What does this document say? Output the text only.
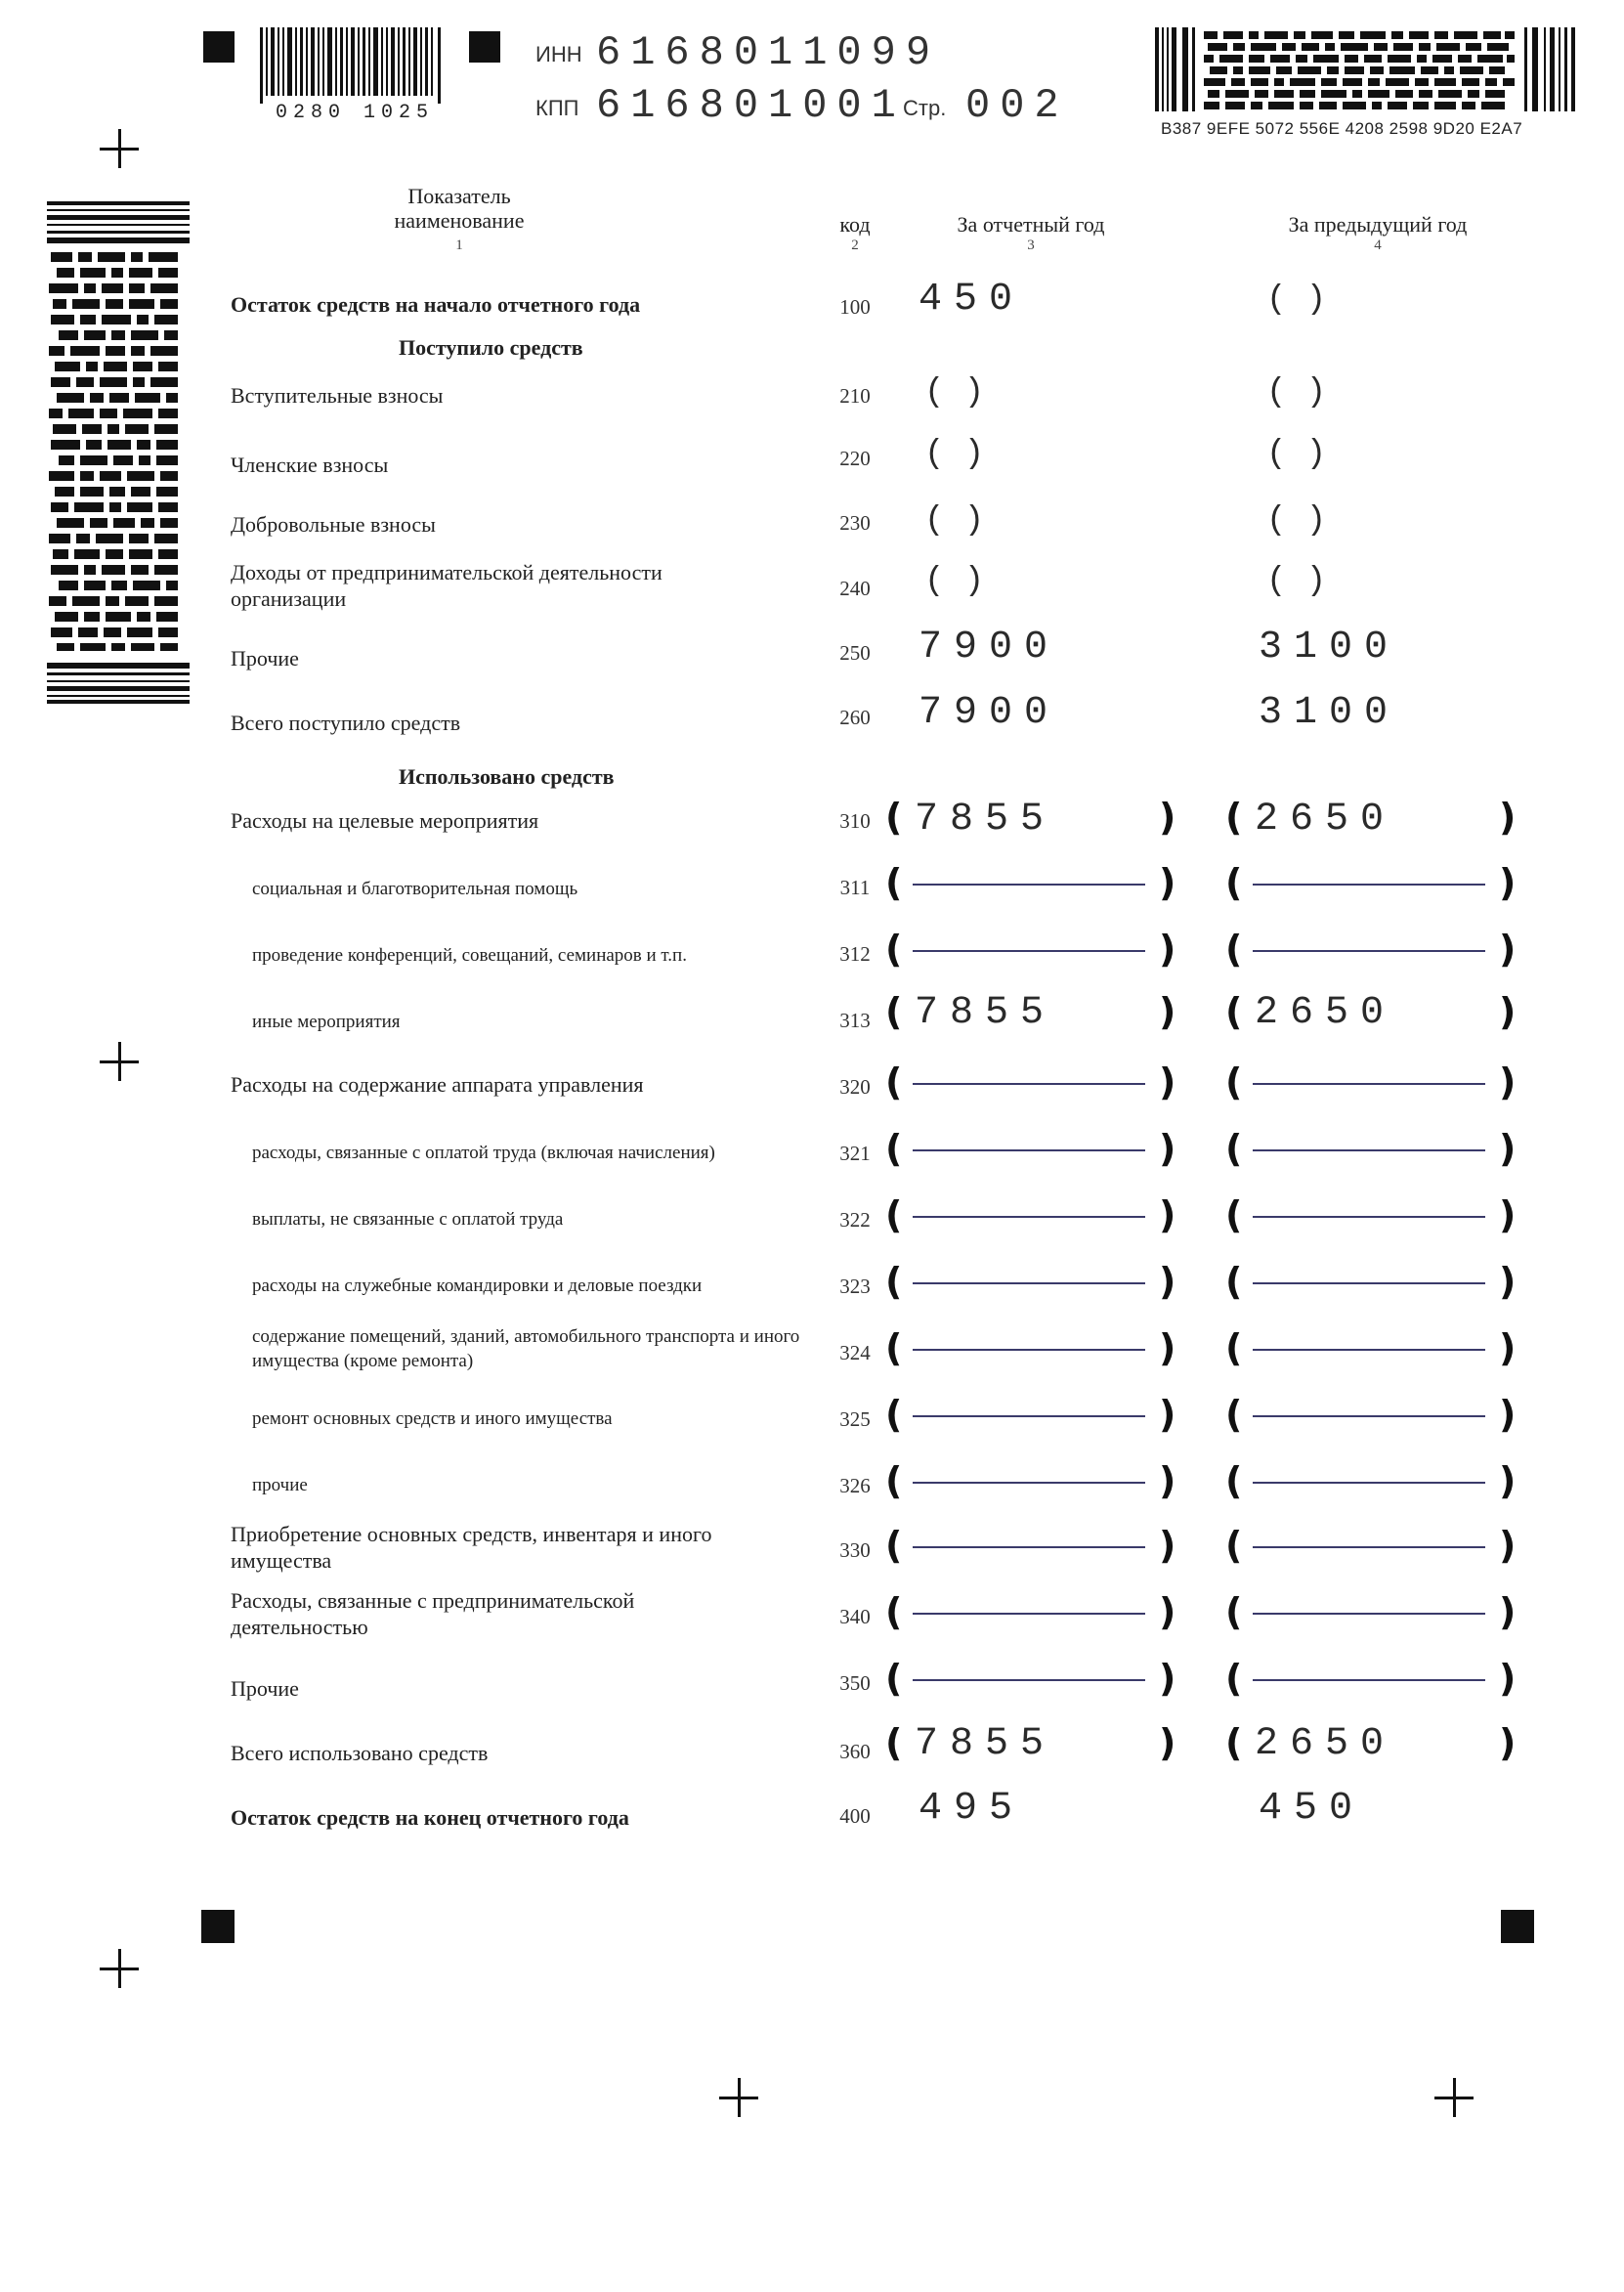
0280 1025
ИНН 6168011099
КПП 616801001
Стр. 002	B387 9EFE 5072 556E 4208 2598 9D20 E2A7
Показатель
наименование
1
код
2
За отчетный год
3
За предыдущий год
4
Поступило средств
Использовано средств
Остаток средств на начало отчетного года	100 450	( )
Вступительные взносы	210 ( )	( )
Членские взносы	220 ( )	( )
Добровольные взносы	230 ( )	( )
Доходы от предпринимательской деятельности организации	240 ( )	( )
Прочие	250 7900	3100
Всего поступило средств	260 7900	3100
Расходы на целевые мероприятия	310 ( 7855	) ( 2650	)
социальная и благотворительная помощь	311 (	) (	)
проведение конференций, совещаний, семинаров и т.п.	312 (	) (	)
иные мероприятия	313 ( 7855	) ( 2650	)
Расходы на содержание аппарата управления	320 (	) (	)
расходы, связанные с оплатой труда (включая начисления)	321 (	) (	)
выплаты, не связанные с оплатой труда	322 (	) (	)
расходы на служебные командировки и деловые поездки	323 (	) (	)
содержание помещений, зданий, автомобильного транспорта и иного имущества (кроме ремонта)	324 (	) (	)
ремонт основных средств и иного имущества	325 (	) (	)
прочие	326 (	) (	)
Приобретение основных средств, инвентаря и иного имущества	330 (	) (	)
Расходы, связанные с предпринимательской деятельностью	340 (	) (	)
Прочие	350 (	) (	)
Всего использовано средств	360 ( 7855	) ( 2650	)
Остаток средств на конец отчетного года	400 495	450
